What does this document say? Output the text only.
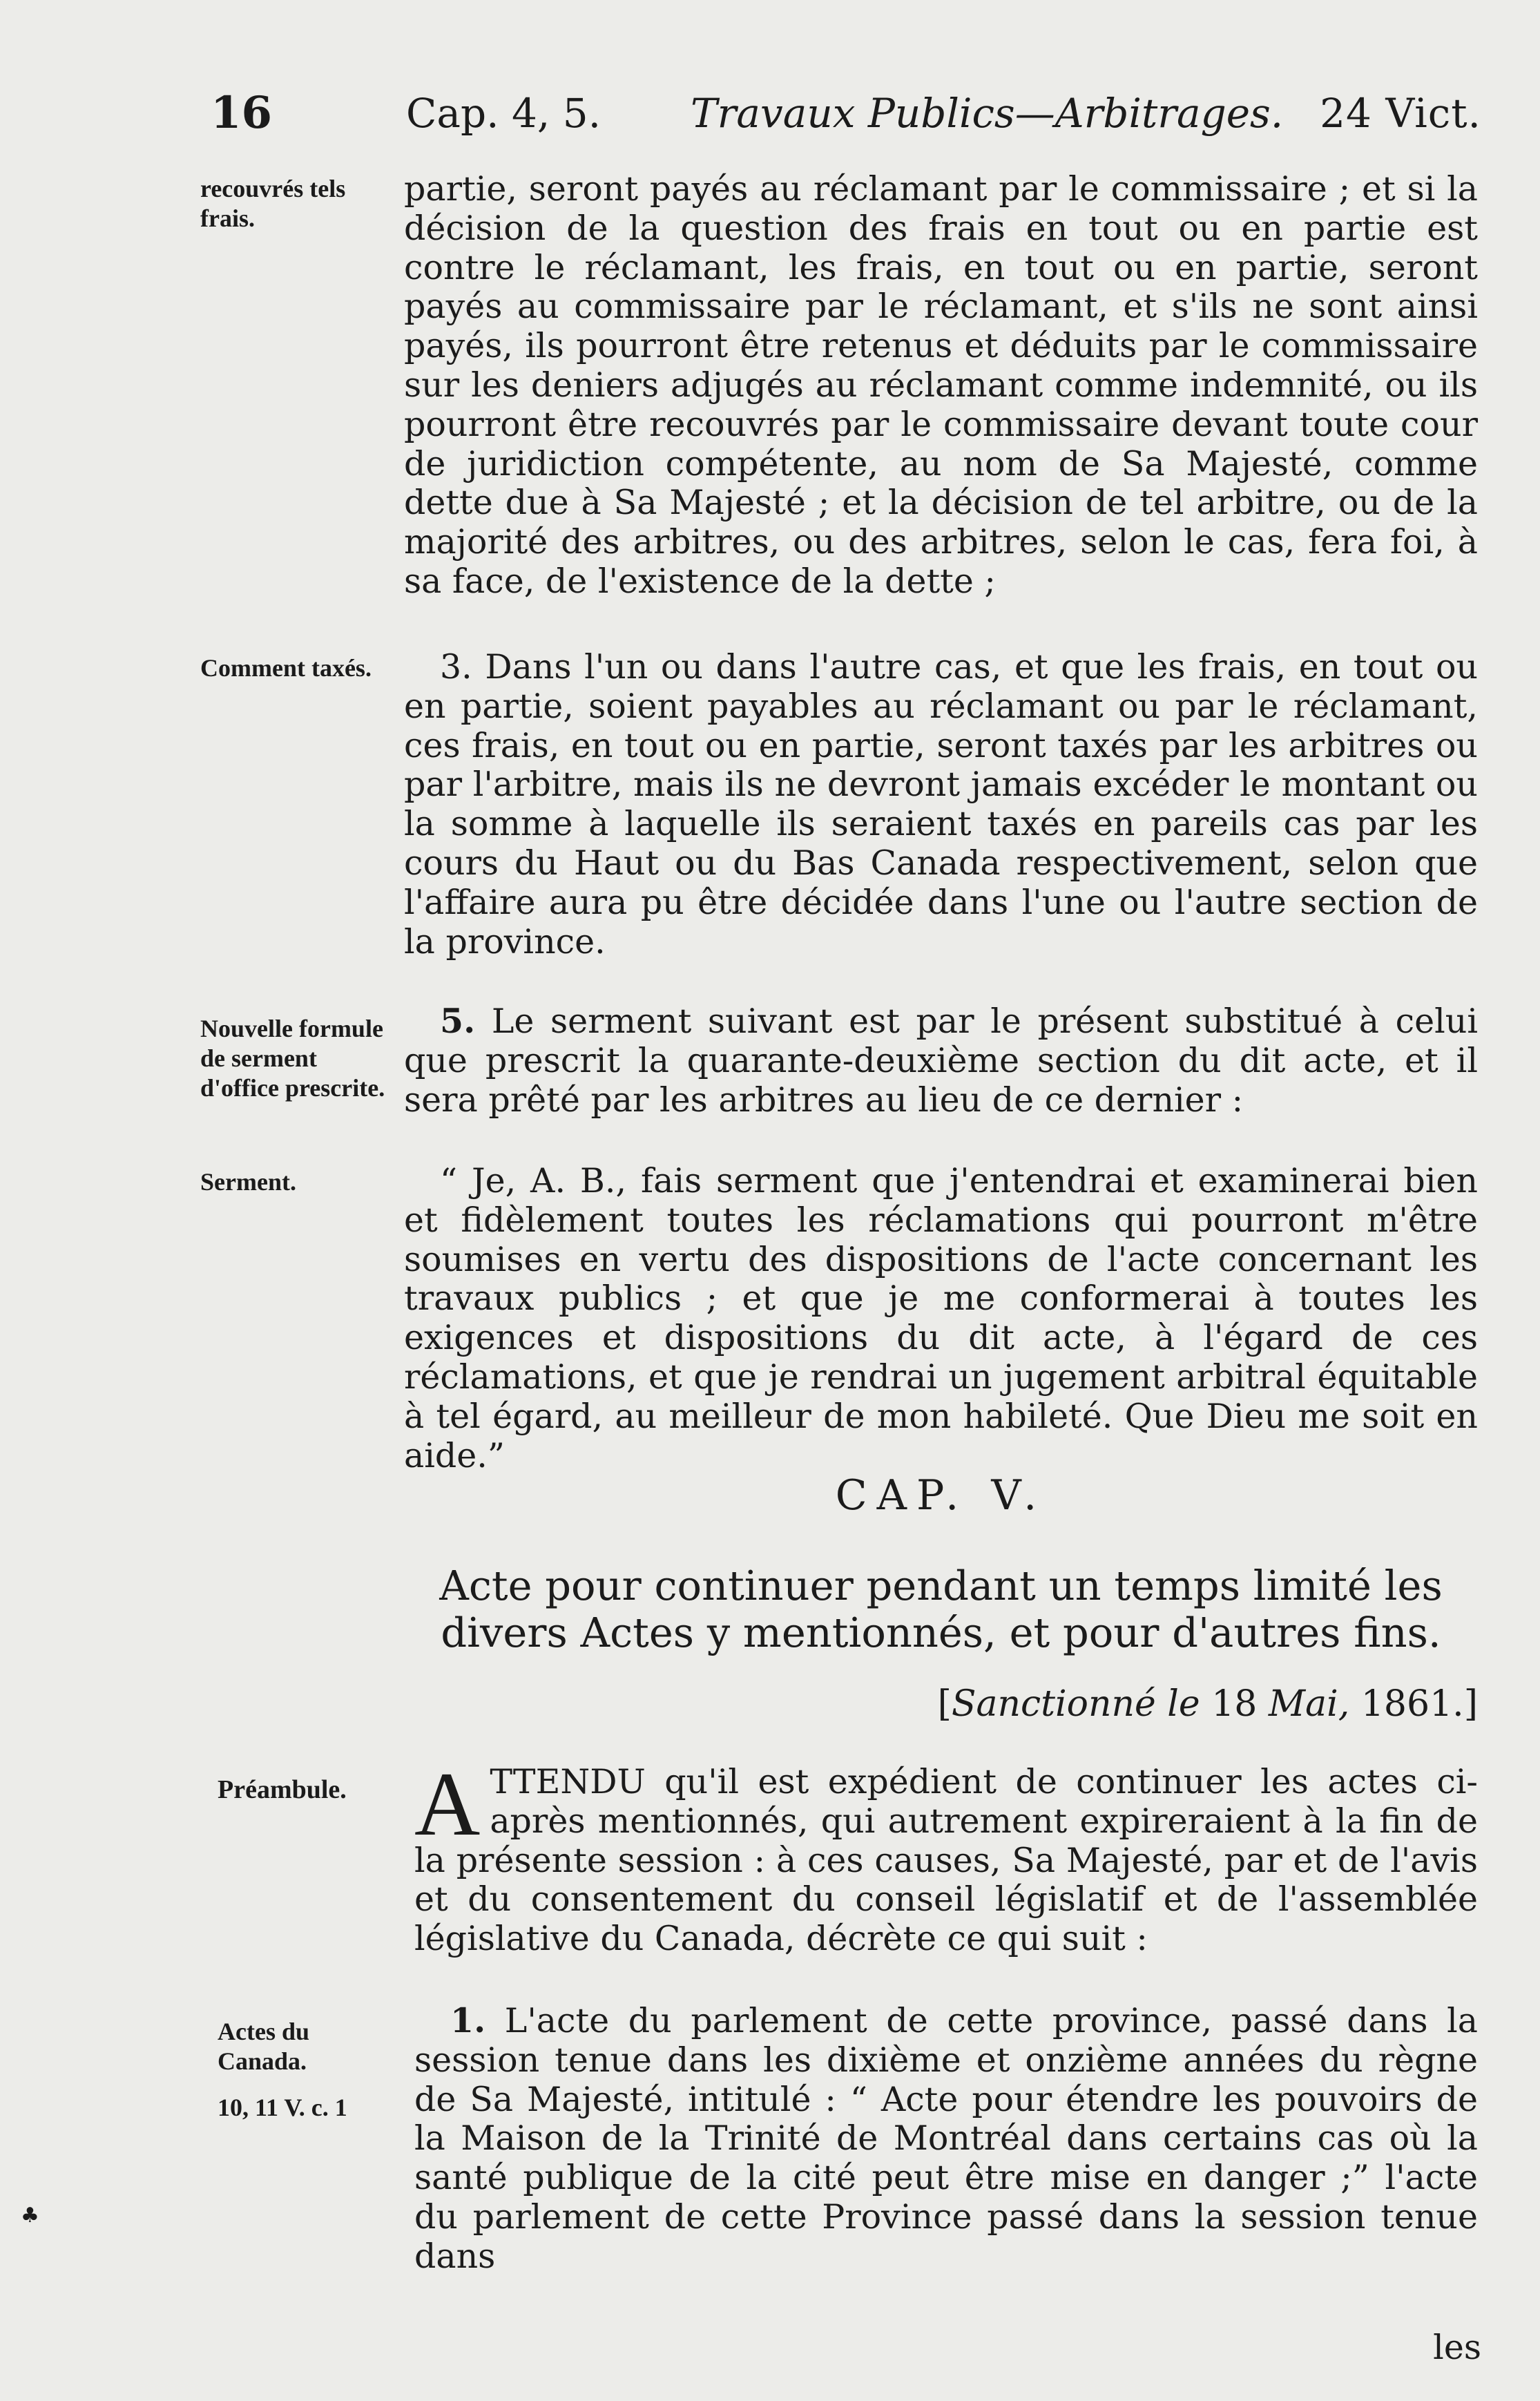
16	Cap. 4, 5. Travaux Publics—Arbitrages. 24 Vict.
recouvrés tels frais.
partie, seront payés au réclamant par le commissaire ; et si la décision de la question des frais en tout ou en partie est contre le réclamant, les frais, en tout ou en partie, seront payés au commissaire par le réclamant, et s'ils ne sont ainsi payés, ils pourront être retenus et déduits par le commissaire sur les deniers adjugés au réclamant comme indemnité, ou ils pourront être recouvrés par le commissaire devant toute cour de juridiction compétente, au nom de Sa Majesté, comme dette due à Sa Majesté ; et la décision de tel arbitre, ou de la majorité des arbitres, ou des arbitres, selon le cas, fera foi, à sa face, de l'existence de la dette ;
Comment taxés.	3. Dans l'un ou dans l'autre cas, et que les frais, en tout ou en partie, soient payables au réclamant ou par le réclamant, ces frais, en tout ou en partie, seront taxés par les arbitres ou par l'arbitre, mais ils ne devront jamais excéder le montant ou la somme à laquelle ils seraient taxés en pareils cas par les cours du Haut ou du Bas Canada respectivement, selon que l'affaire aura pu être décidée dans l'une ou l'autre section de la province.
Nouvelle formule de serment d'office prescrite.
5. Le serment suivant est par le présent substitué à celui que prescrit la quarante-deuxième section du dit acte, et il sera prêté par les arbitres au lieu de ce dernier :
Serment.	“ Je, A. B., fais serment que j'entendrai et examinerai bien et fidèlement toutes les réclamations qui pourront m'être soumises en vertu des dispositions de l'acte concernant les travaux publics ; et que je me conformerai à toutes les exigences et dispositions du dit acte, à l'égard de ces réclamations, et que je rendrai un jugement arbitral équitable à tel égard, au meilleur de mon habileté. Que Dieu me soit en aide.”
CAP. V.
Acte pour continuer pendant un temps limité les divers Actes y mentionnés, et pour d'autres fins.
[Sanctionné le 18 Mai, 1861.]
Préambule. ATTENDU qu'il est expédient de continuer les actes ci-après mentionnés, qui autrement expireraient à la fin de la présente session : à ces causes, Sa Majesté, par et de l'avis et du consentement du conseil législatif et de l'assemblée législative du Canada, décrète ce qui suit :
Actes du Canada.
10, 11 V. c. 1
1. L'acte du parlement de cette province, passé dans la session tenue dans les dixième et onzième années du règne de Sa Majesté, intitulé : “ Acte pour étendre les pouvoirs de la Maison de la Trinité de Montréal dans certains cas où la santé publique de la cité peut être mise en danger ;” l'acte du parlement de cette Province passé dans la session tenue dans
les
♣
